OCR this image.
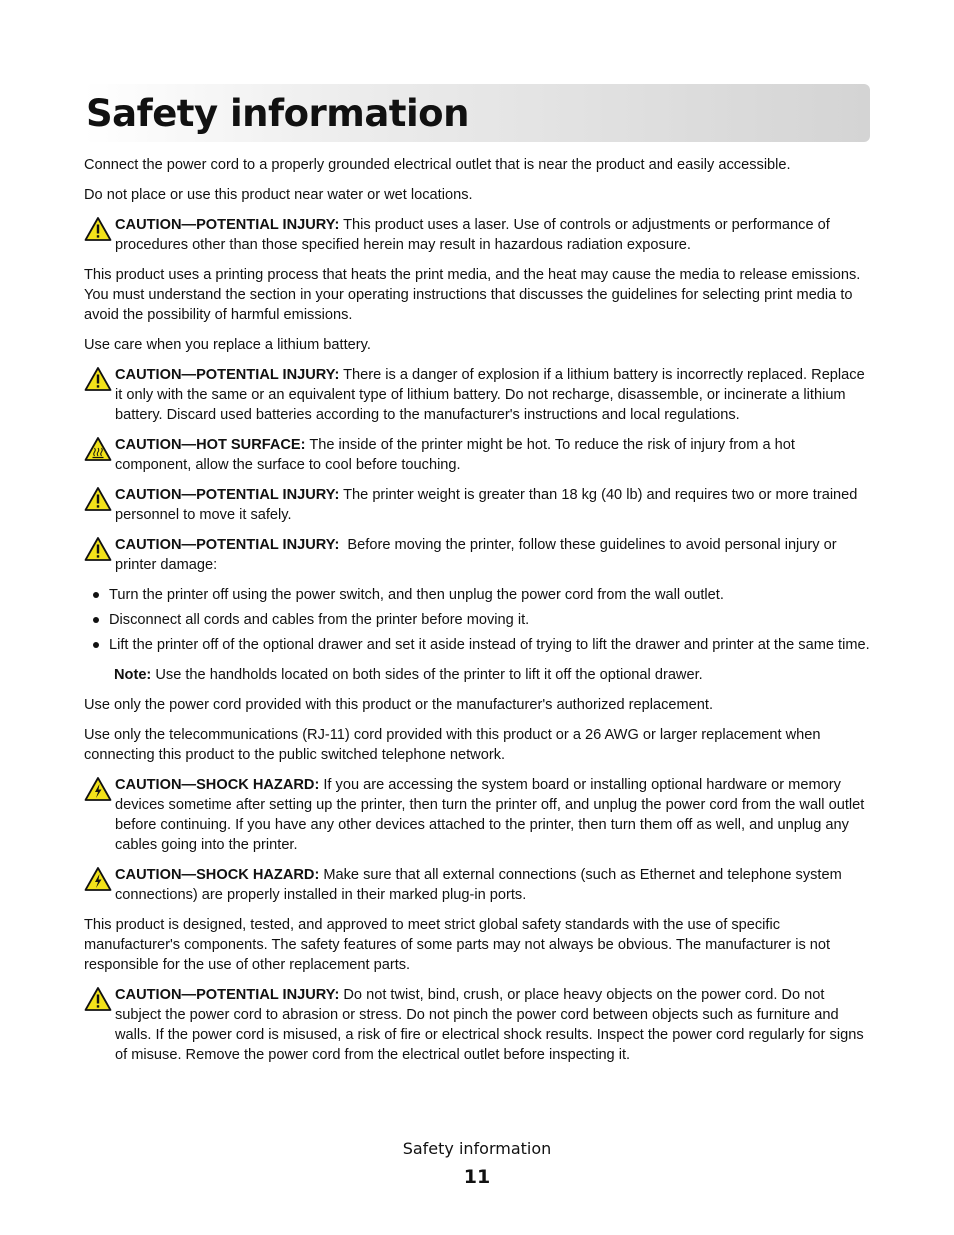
Safety information

Connect the power cord to a properly grounded electrical outlet that is near the product and easily accessible.

Do not place or use this product near water or wet locations.

CAUTION—POTENTIAL INJURY: This product uses a laser. Use of controls or adjustments or performance of procedures other than those specified herein may result in hazardous radiation exposure.

This product uses a printing process that heats the print media, and the heat may cause the media to release emissions. You must understand the section in your operating instructions that discusses the guidelines for selecting print media to avoid the possibility of harmful emissions.

Use care when you replace a lithium battery.

CAUTION—POTENTIAL INJURY: There is a danger of explosion if a lithium battery is incorrectly replaced. Replace it only with the same or an equivalent type of lithium battery. Do not recharge, disassemble, or incinerate a lithium battery. Discard used batteries according to the manufacturer's instructions and local regulations.
CAUTION—HOT SURFACE: The inside of the printer might be hot. To reduce the risk of injury from a hot component, allow the surface to cool before touching.
CAUTION—POTENTIAL INJURY: The printer weight is greater than 18 kg (40 lb) and requires two or more trained personnel to move it safely.
CAUTION—POTENTIAL INJURY:  Before moving the printer, follow these guidelines to avoid personal injury or printer damage:
Turn the printer off using the power switch, and then unplug the power cord from the wall outlet.
Disconnect all cords and cables from the printer before moving it.
Lift the printer off of the optional drawer and set it aside instead of trying to lift the drawer and printer at the same time.

Note: Use the handholds located on both sides of the printer to lift it off the optional drawer.

Use only the power cord provided with this product or the manufacturer's authorized replacement.

Use only the telecommunications (RJ-11) cord provided with this product or a 26 AWG or larger replacement when connecting this product to the public switched telephone network.

CAUTION—SHOCK HAZARD: If you are accessing the system board or installing optional hardware or memory devices sometime after setting up the printer, then turn the printer off, and unplug the power cord from the wall outlet before continuing. If you have any other devices attached to the printer, then turn them off as well, and unplug any cables going into the printer.
CAUTION—SHOCK HAZARD: Make sure that all external connections (such as Ethernet and telephone system connections) are properly installed in their marked plug-in ports.

This product is designed, tested, and approved to meet strict global safety standards with the use of specific manufacturer's components. The safety features of some parts may not always be obvious. The manufacturer is not responsible for the use of other replacement parts.

CAUTION—POTENTIAL INJURY: Do not twist, bind, crush, or place heavy objects on the power cord. Do not subject the power cord to abrasion or stress. Do not pinch the power cord between objects such as furniture and walls. If the power cord is misused, a risk of fire or electrical shock results. Inspect the power cord regularly for signs of misuse. Remove the power cord from the electrical outlet before inspecting it.
Safety information
11
